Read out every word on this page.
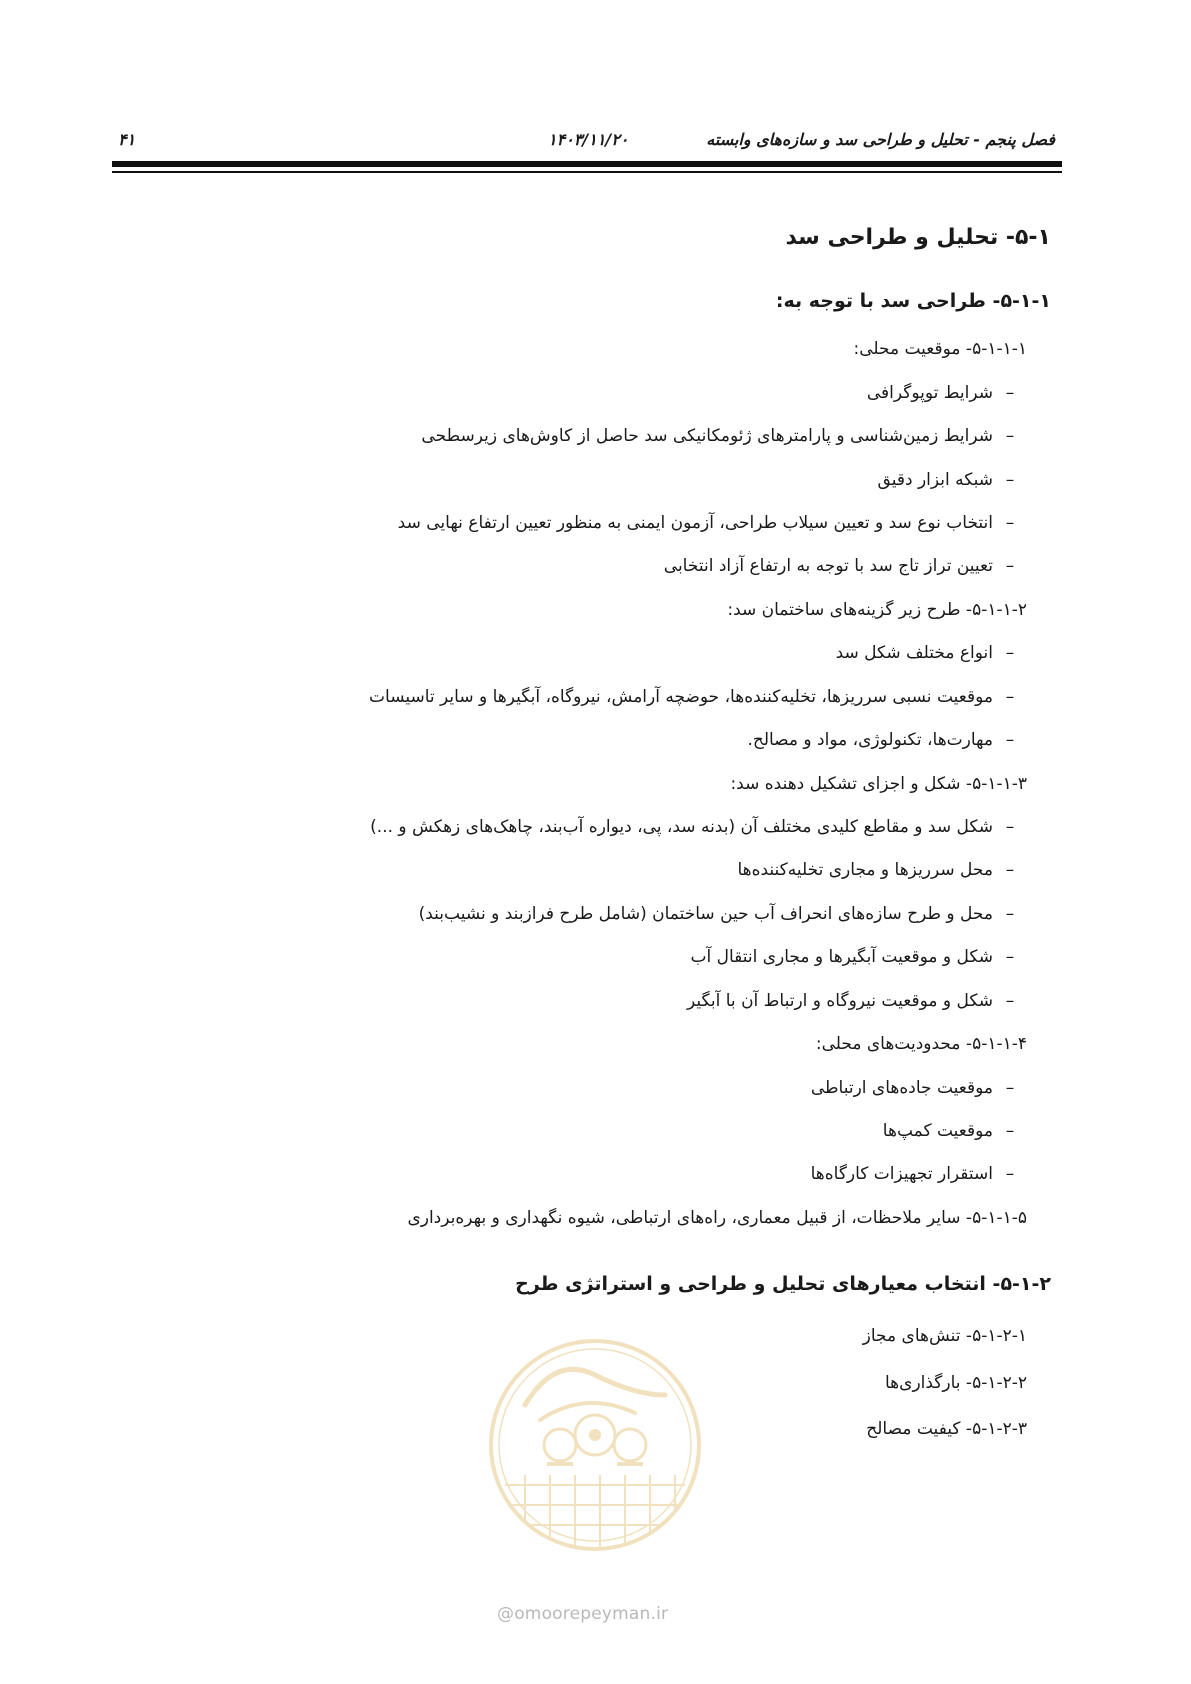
فصل پنجم - تحلیل و طراحی سد و سازه‌های وابسته
۱۴۰۳/۱۱/۲۰
۴۱
۵-۱- تحلیل و طراحی سد
۵-۱-۱- طراحی سد با توجه به:
۵-۱-۱-۱- موقعیت محلی:
–شرایط توپوگرافی
–شرایط زمین‌شناسی و پارامترهای ژئومکانیکی سد حاصل از کاوش‌های زیرسطحی
–شبکه ابزار دقیق
–انتخاب نوع سد و تعیین سیلاب طراحی، آزمون ایمنی به منظور تعیین ارتفاع نهایی سد
–تعیین تراز تاج سد با توجه به ارتفاع آزاد انتخابی
۵-۱-۱-۲- طرح زیر گزینه‌های ساختمان سد:
–انواع مختلف شکل سد
–موقعیت نسبی سرریزها، تخلیه‌کننده‌ها، حوضچه آرامش، نیروگاه، آبگیرها و سایر تاسیسات
–مهارت‌ها، تکنولوژی، مواد و مصالح.
۵-۱-۱-۳- شکل و اجزای تشکیل دهنده سد:
–شکل سد و مقاطع کلیدی مختلف آن (بدنه سد، پی، دیواره آب‌بند، چاهک‌های زهکش و ...)
–محل سرریزها و مجاری تخلیه‌کننده‌ها
–محل و طرح سازه‌های انحراف آب حین ساختمان (شامل طرح فرازبند و نشیب‌بند)
–شکل و موقعیت آبگیرها و مجاری انتقال آب
–شکل و موقعیت نیروگاه و ارتباط آن با آبگیر
۵-۱-۱-۴- محدودیت‌های محلی:
–موقعیت جاده‌های ارتباطی
–موقعیت کمپ‌ها
–استقرار تجهیزات کارگاه‌ها
۵-۱-۱-۵- سایر ملاحظات، از قبیل معماری، راه‌های ارتباطی، شیوه نگهداری و بهره‌برداری
۵-۱-۲- انتخاب معیارهای تحلیل و طراحی و استراتژی طرح
۵-۱-۲-۱- تنش‌های مجاز
۵-۱-۲-۲- بارگذاری‌ها
۵-۱-۲-۳- کیفیت مصالح
@omoorepeyman.ir
